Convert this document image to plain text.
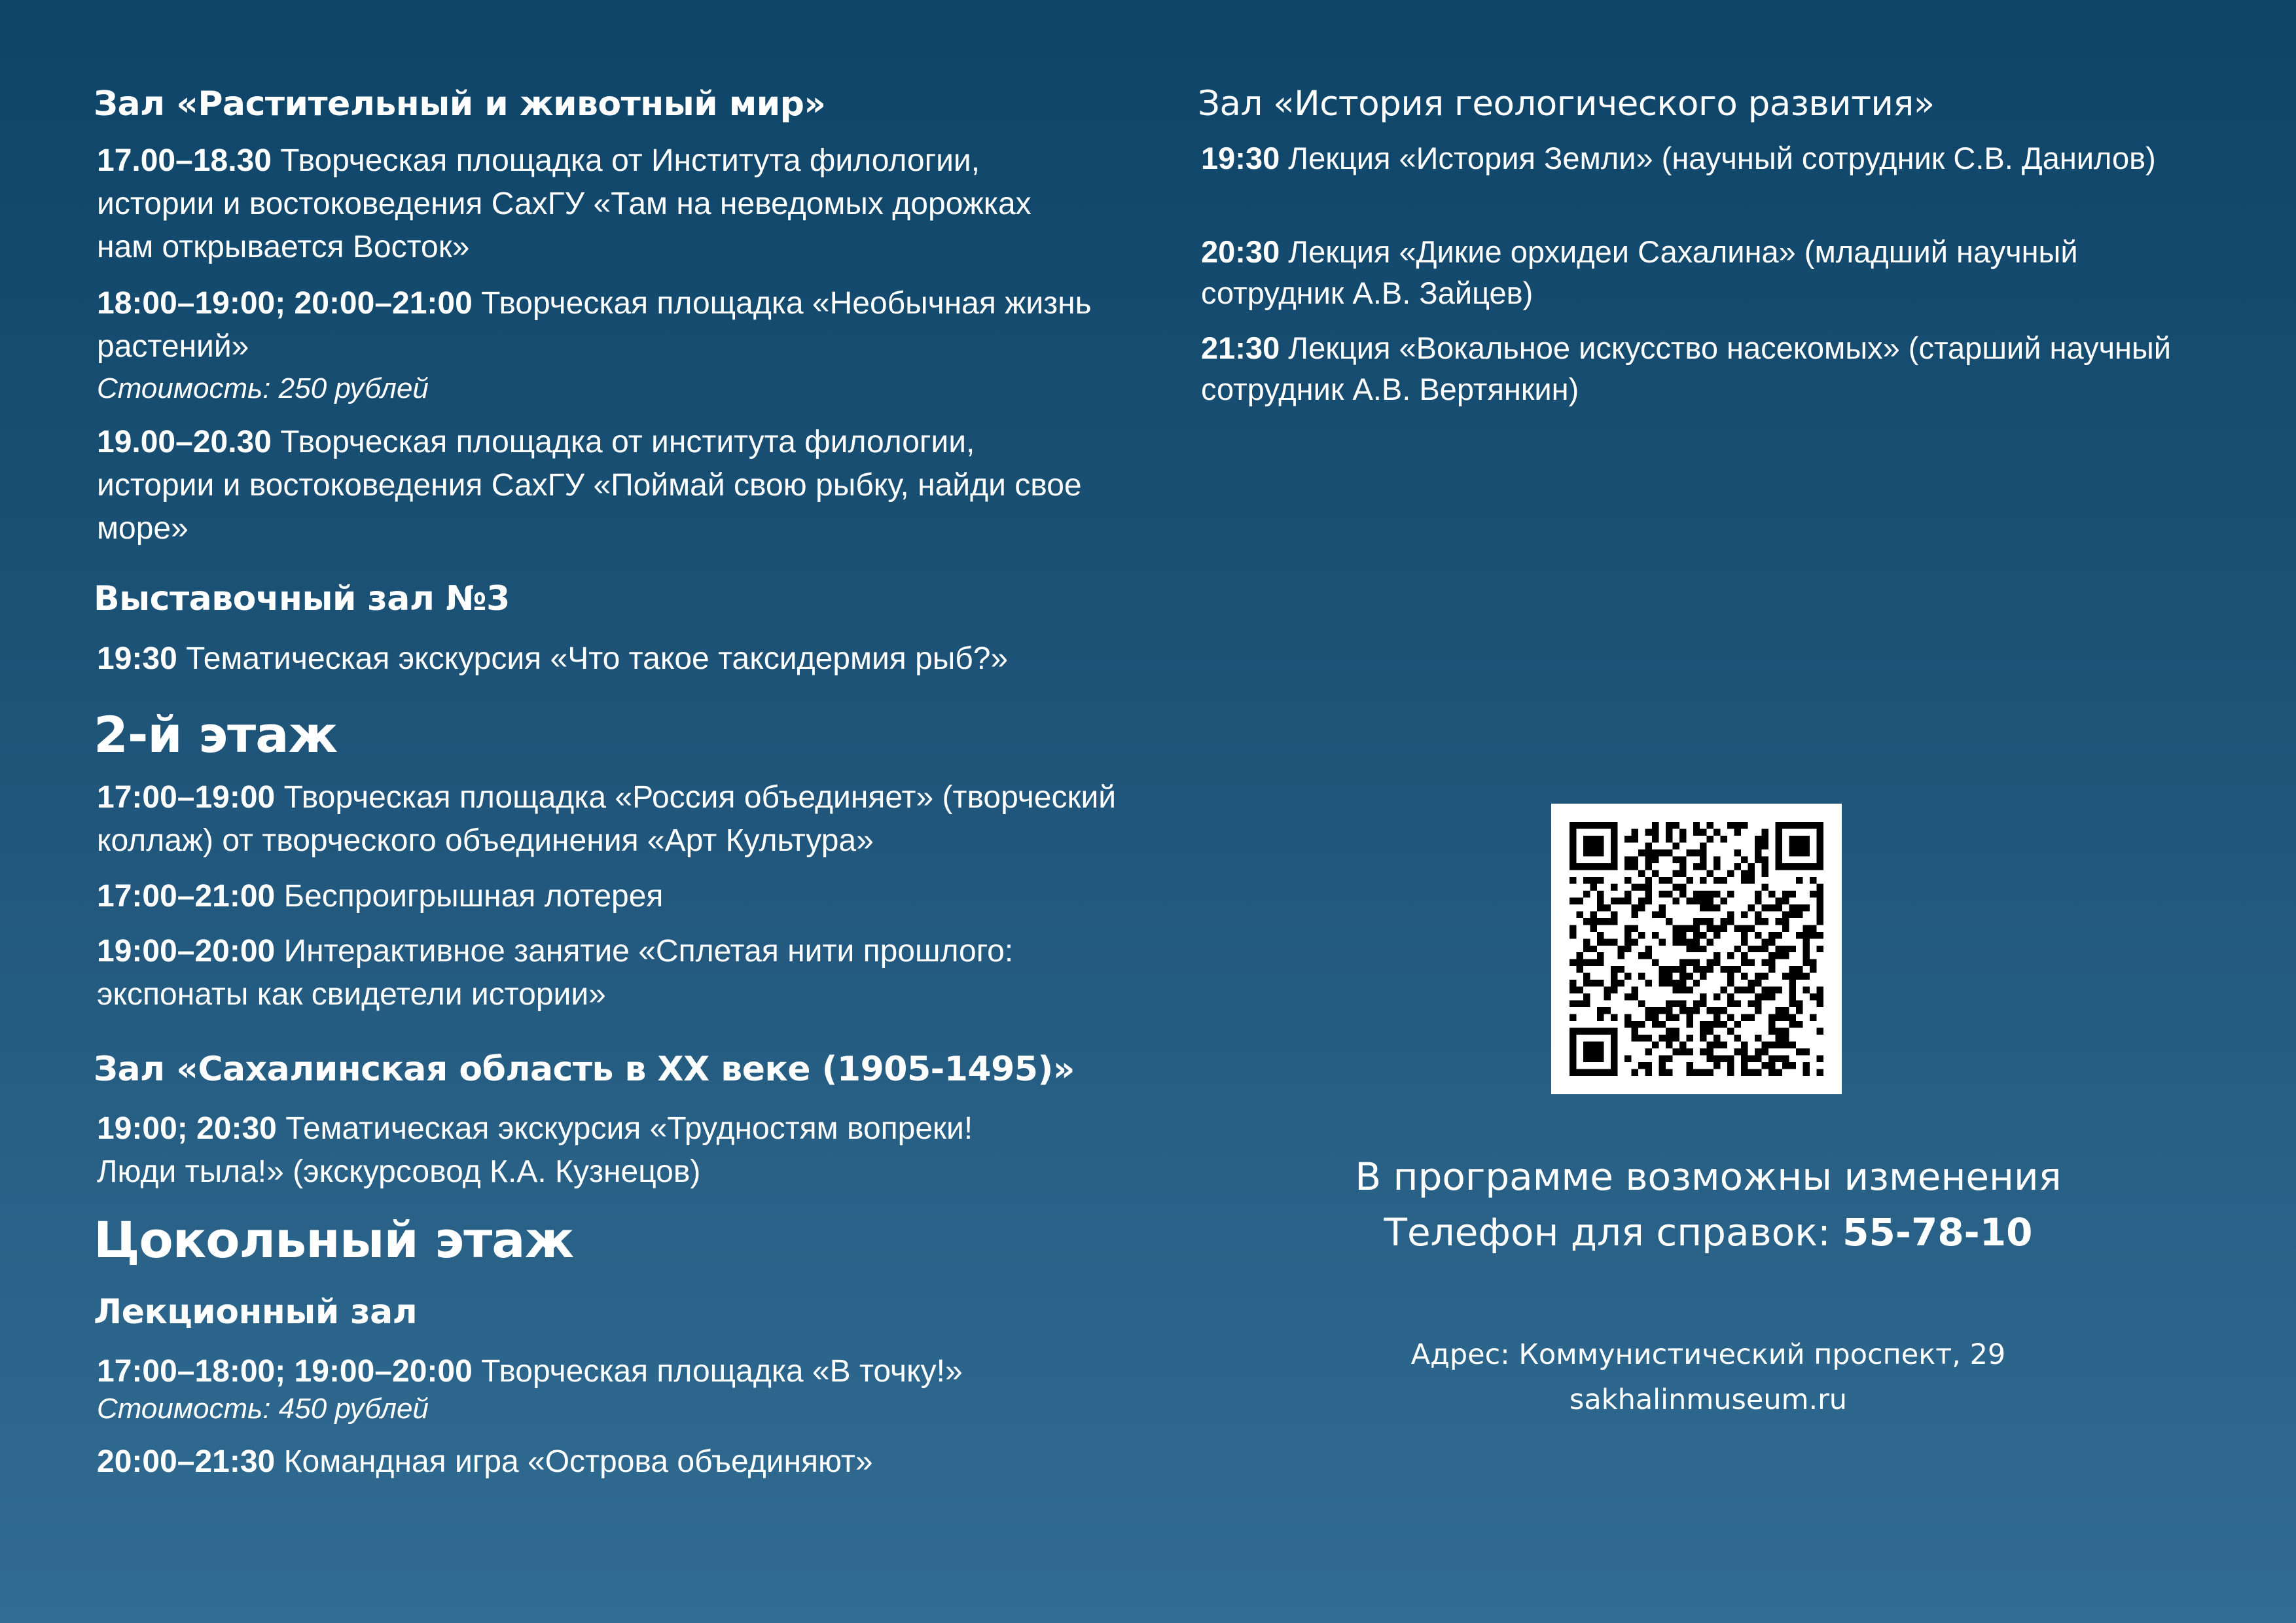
Зал «Растительный и животный мир»

17.00–18.30 Творческая площадка от Института филологии, истории и востоковедения СахГУ «Там на неведомых дорожках нам открывается Восток»

18:00–19:00; 20:00–21:00 Творческая площадка «Необычная жизнь растений»

Стоимость: 250 рублей

19.00–20.30 Творческая площадка от института филологии, истории и востоковедения СахГУ «Поймай свою рыбку, найди свое море»

Выставочный зал №3

19:30 Тематическая экскурсия «Что такое таксидермия рыб?»

2-й этаж

17:00–19:00 Творческая площадка «Россия объединяет» (творческий коллаж) от творческого объединения «Арт Культура»

17:00–21:00 Беспроигрышная лотерея

19:00–20:00 Интерактивное занятие «Сплетая нити прошлого: экспонаты как свидетели истории»

Зал «Сахалинская область в ХХ веке (1905-1495)»

19:00; 20:30 Тематическая экскурсия «Трудностям вопреки! Люди тыла!» (экскурсовод К.А. Кузнецов)

Цокольный этаж
Лекционный зал

17:00–18:00; 19:00–20:00 Творческая площадка «В точку!»

Стоимость: 450 рублей

20:00–21:30 Командная игра «Острова объединяют»

Зал «История геологического развития»

19:30 Лекция «История Земли» (научный сотрудник С.В. Данилов)

20:30 Лекция «Дикие орхидеи Сахалина» (младший научный сотрудник А.В. Зайцев)

21:30 Лекция «Вокальное искусство насекомых» (старший научный сотрудник А.В. Вертянкин)

В программе возможны изменения

Телефон для справок: 55-78-10

Адрес: Коммунистический проспект, 29

sakhalinmuseum.ru
